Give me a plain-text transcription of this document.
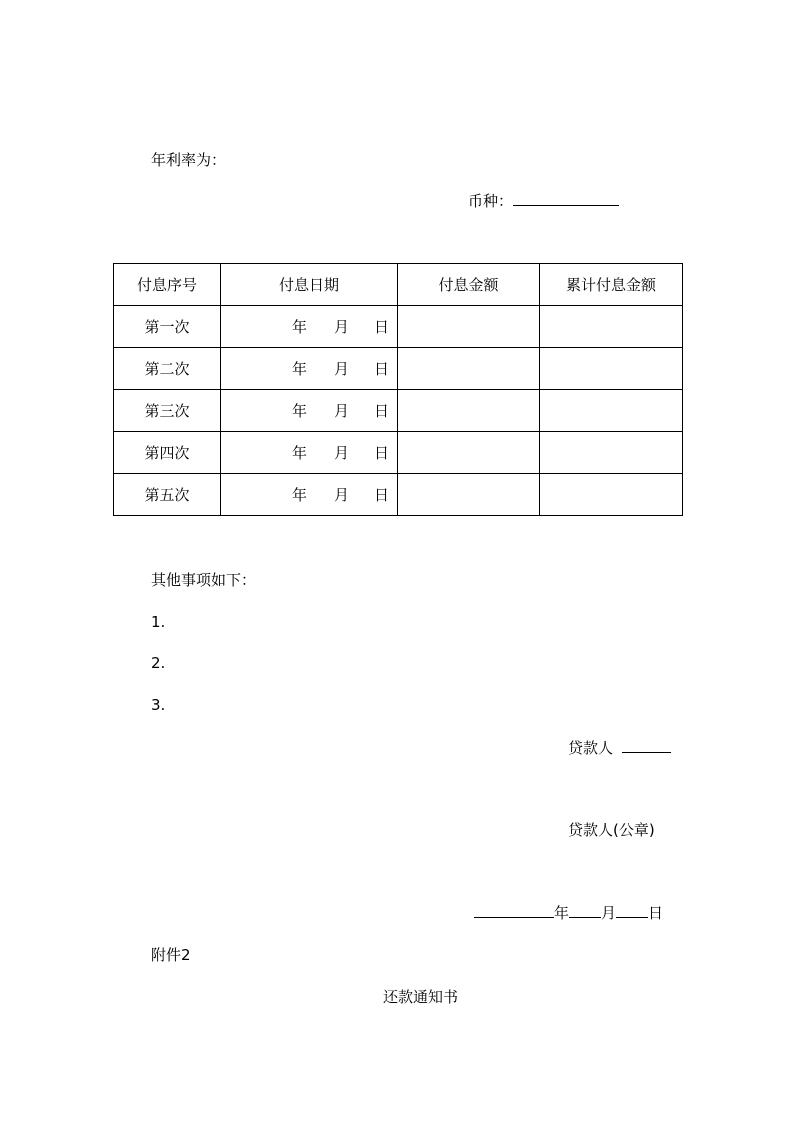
年利率为：
币种：
付息序号	付息日期	付息金额	累计付息金额
第一次	年 月 日		

第二次	年 月 日		

第三次	年 月 日		

第四次	年 月 日		

第五次	年 月 日		

其他事项如下：
1.
2.
3.
贷款人
贷款人(公章)
年 月 日
附件2
还款通知书
